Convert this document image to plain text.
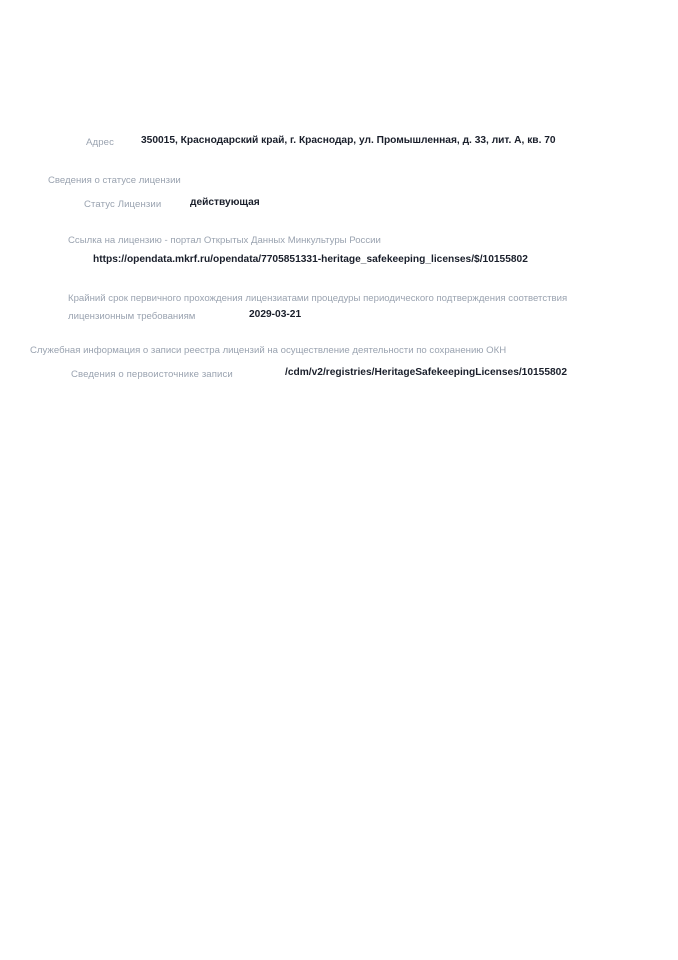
Адрес	350015, Краснодарский край, г. Краснодар, ул. Промышленная, д. 33, лит. А, кв. 70
Сведения о статусе лицензии
Статус Лицензии	действующая
Ссылка на лицензию - портал Открытых Данных Минкультуры России
https://opendata.mkrf.ru/opendata/7705851331-heritage_safekeeping_licenses/$/10155802
Крайний срок первичного прохождения лицензиатами процедуры периодического подтверждения соответствия
лицензионным требованиям	2029-03-21
Служебная информация о записи реестра лицензий на осуществление деятельности по сохранению ОКН
Сведения о первоисточнике записи	/cdm/v2/registries/HeritageSafekeepingLicenses/10155802
